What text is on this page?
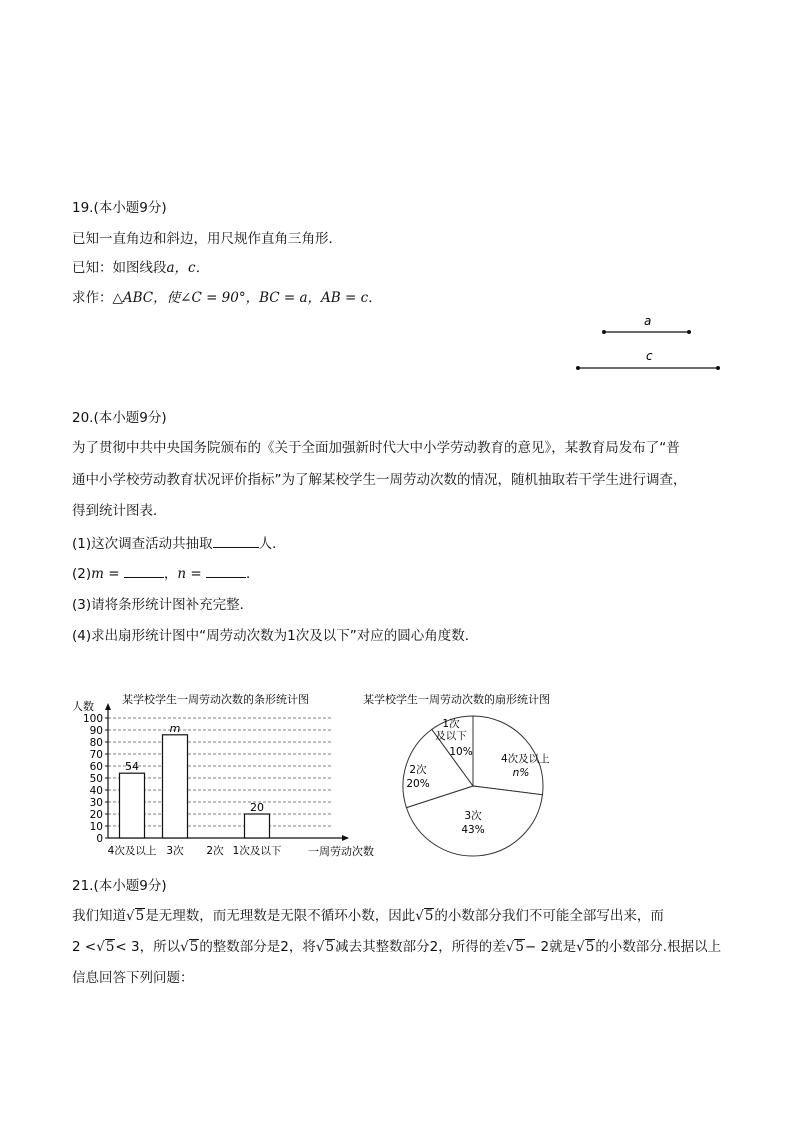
19.(本小题9分)
已知一直角边和斜边，用尺规作直角三角形．
已知：如图线段a，c．
求作：△ABC，使∠C = 90°，BC = a，AB = c．
a
c
20.(本小题9分)
为了贯彻中共中央国务院颁布的《关于全面加强新时代大中小学劳动教育的意见》，某教育局发布了“普
通中小学校劳动教育状况评价指标”为了解某校学生一周劳动次数的情况，随机抽取若干学生进行调查，
得到统计图表．
(1)这次调查活动共抽取	人．
(2)m =	，n =	．
(3)请将条形统计图补充完整．
(4)求出扇形统计图中“周劳动次数为1次及以下”对应的圆心角度数．
某学校学生一周劳动次数的条形统计图
人数
一周劳动次数
0
10
20
30
40
50
60
70
80
90
100
54
4次及以上
m
3次 2次
20
1次及以下
某学校学生一周劳动次数的扇形统计图
4次及以上
n%
3次
43%
2次
20%
1次
及以下
10%
21.(本小题9分)
我们知道√5是无理数，而无理数是无限不循环小数，因此√5的小数部分我们不可能全部写出来，而
2 <√5< 3，所以√5的整数部分是2，将√5减去其整数部分2，所得的差√5− 2就是√5的小数部分.根据以上
信息回答下列问题：
